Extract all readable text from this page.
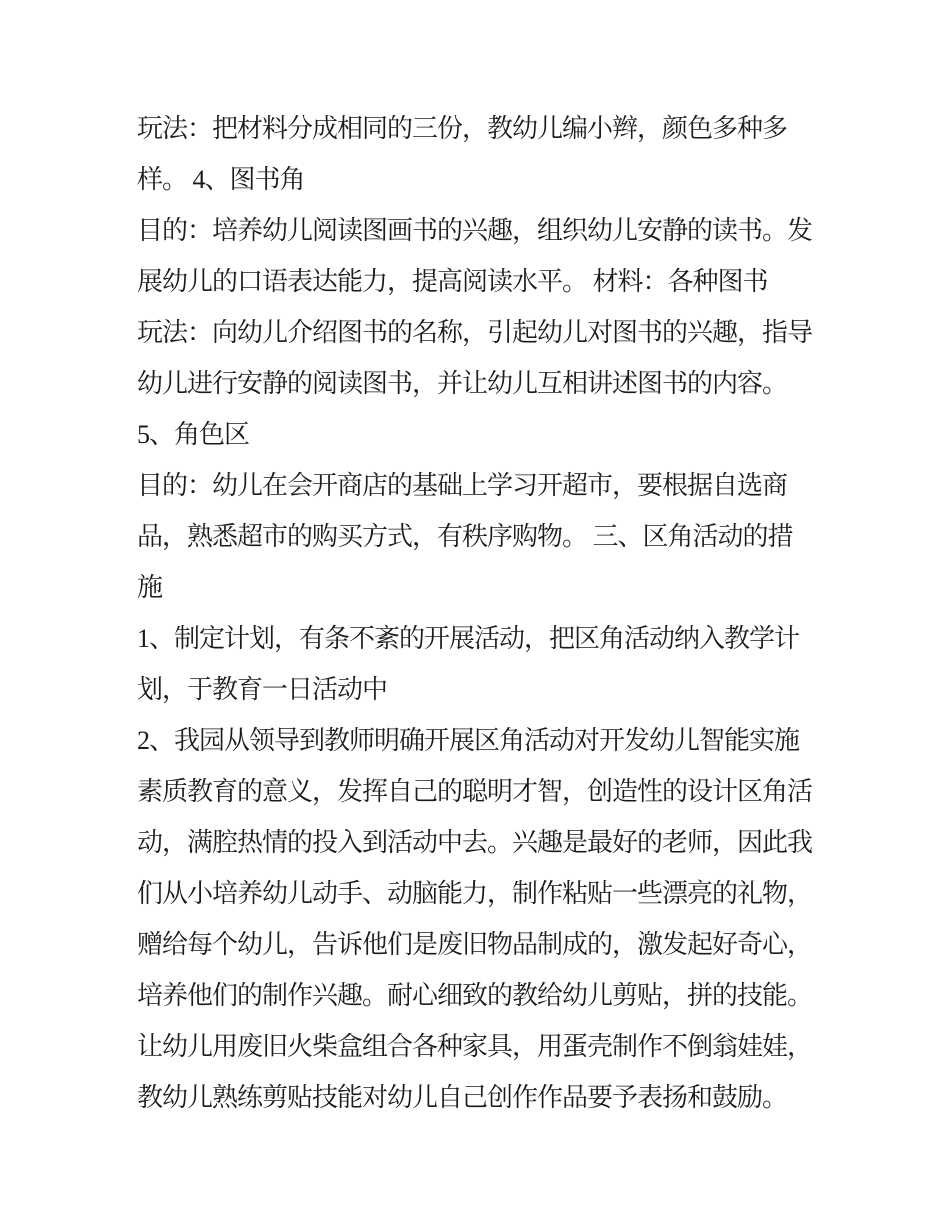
玩法：把材料分成相同的三份，教幼儿编小辫，颜色多种多
样。 4、图书角
目的：培养幼儿阅读图画书的兴趣，组织幼儿安静的读书。发
展幼儿的口语表达能力，提高阅读水平。 材料：各种图书
玩法：向幼儿介绍图书的名称，引起幼儿对图书的兴趣，指导
幼儿进行安静的阅读图书，并让幼儿互相讲述图书的内容。
5、角色区
目的：幼儿在会开商店的基础上学习开超市，要根据自选商
品，熟悉超市的购买方式，有秩序购物。 三、区角活动的措
施
1、制定计划，有条不紊的开展活动，把区角活动纳入教学计
划，于教育一日活动中
2、我园从领导到教师明确开展区角活动对开发幼儿智能实施
素质教育的意义，发挥自己的聪明才智，创造性的设计区角活
动，满腔热情的投入到活动中去。兴趣是最好的老师，因此我
们从小培养幼儿动手、动脑能力，制作粘贴一些漂亮的礼物，
赠给每个幼儿，告诉他们是废旧物品制成的，激发起好奇心，
培养他们的制作兴趣。耐心细致的教给幼儿剪贴，拼的技能。
让幼儿用废旧火柴盒组合各种家具，用蛋壳制作不倒翁娃娃，
教幼儿熟练剪贴技能对幼儿自己创作作品要予表扬和鼓励。
